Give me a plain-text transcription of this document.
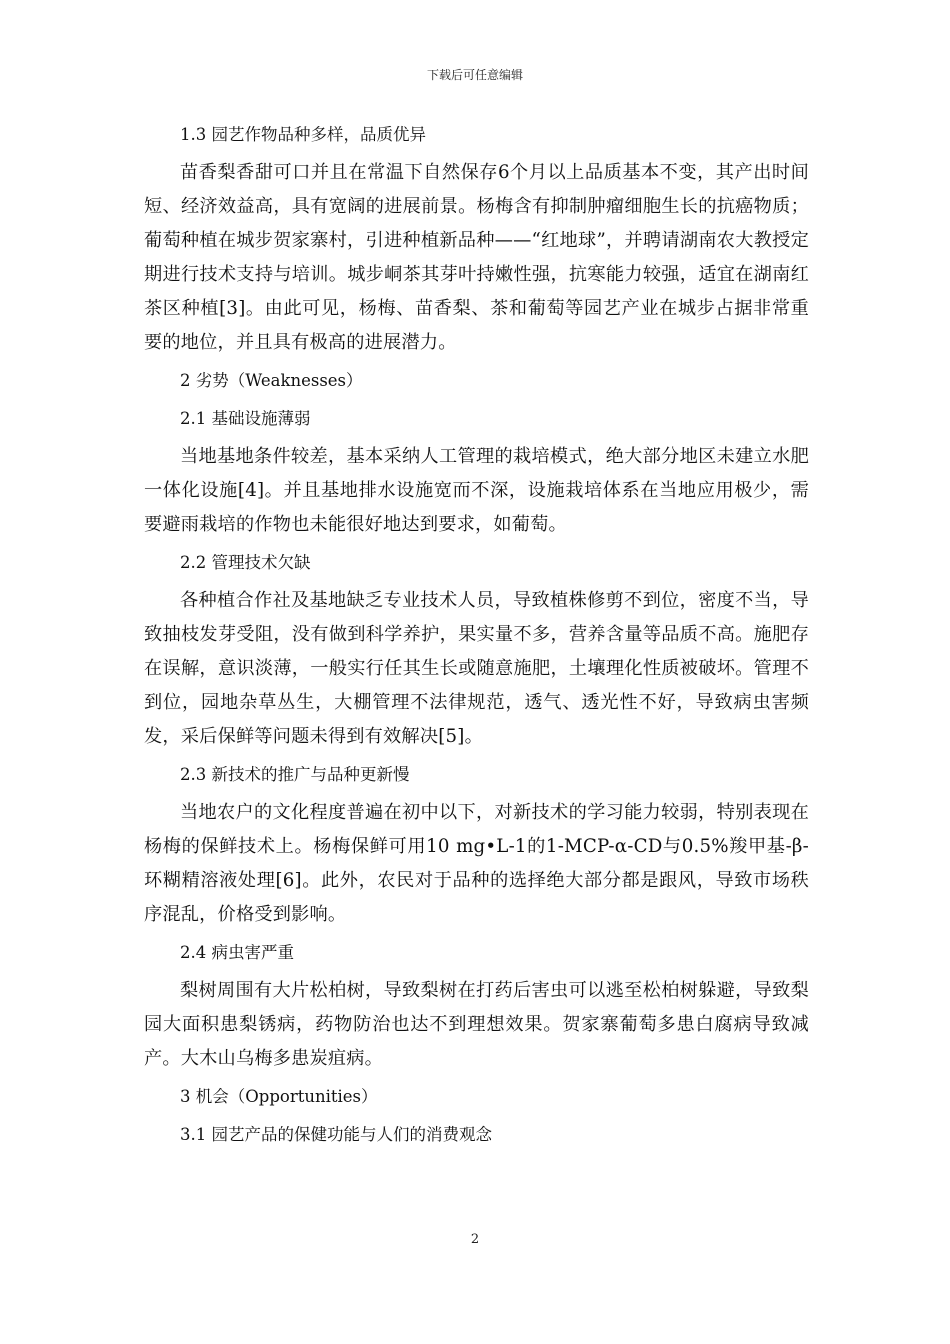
下载后可任意编辑

1.3 园艺作物品种多样，品质优异

苗香梨香甜可口并且在常温下自然保存6个月以上品质基本不变，其产出时间短、经济效益高，具有宽阔的进展前景。杨梅含有抑制肿瘤细胞生长的抗癌物质；葡萄种植在城步贺家寨村，引进种植新品种——“红地球”，并聘请湖南农大教授定期进行技术支持与培训。城步峒茶其芽叶持嫩性强，抗寒能力较强，适宜在湖南红茶区种植[3]。由此可见，杨梅、苗香梨、茶和葡萄等园艺产业在城步占据非常重要的地位，并且具有极高的进展潜力。

2 劣势（Weaknesses）

2.1 基础设施薄弱

当地基地条件较差，基本采纳人工管理的栽培模式，绝大部分地区未建立水肥一体化设施[4]。并且基地排水设施宽而不深，设施栽培体系在当地应用极少，需要避雨栽培的作物也未能很好地达到要求，如葡萄。

2.2 管理技术欠缺

各种植合作社及基地缺乏专业技术人员，导致植株修剪不到位，密度不当，导致抽枝发芽受阻，没有做到科学养护，果实量不多，营养含量等品质不高。施肥存在误解，意识淡薄，一般实行任其生长或随意施肥，土壤理化性质被破坏。管理不到位，园地杂草丛生，大棚管理不法律规范，透气、透光性不好，导致病虫害频发，采后保鲜等问题未得到有效解决[5]。

2.3 新技术的推广与品种更新慢

当地农户的文化程度普遍在初中以下，对新技术的学习能力较弱，特别表现在杨梅的保鲜技术上。杨梅保鲜可用10 mg•L-1的1-MCP-α-CD与0.5%羧甲基-β-环糊精溶液处理[6]。此外，农民对于品种的选择绝大部分都是跟风，导致市场秩序混乱，价格受到影响。

2.4 病虫害严重

梨树周围有大片松柏树，导致梨树在打药后害虫可以逃至松柏树躲避，导致梨园大面积患梨锈病，药物防治也达不到理想效果。贺家寨葡萄多患白腐病导致减产。大木山乌梅多患炭疽病。

3 机会（Opportunities）

3.1 园艺产品的保健功能与人们的消费观念

2
